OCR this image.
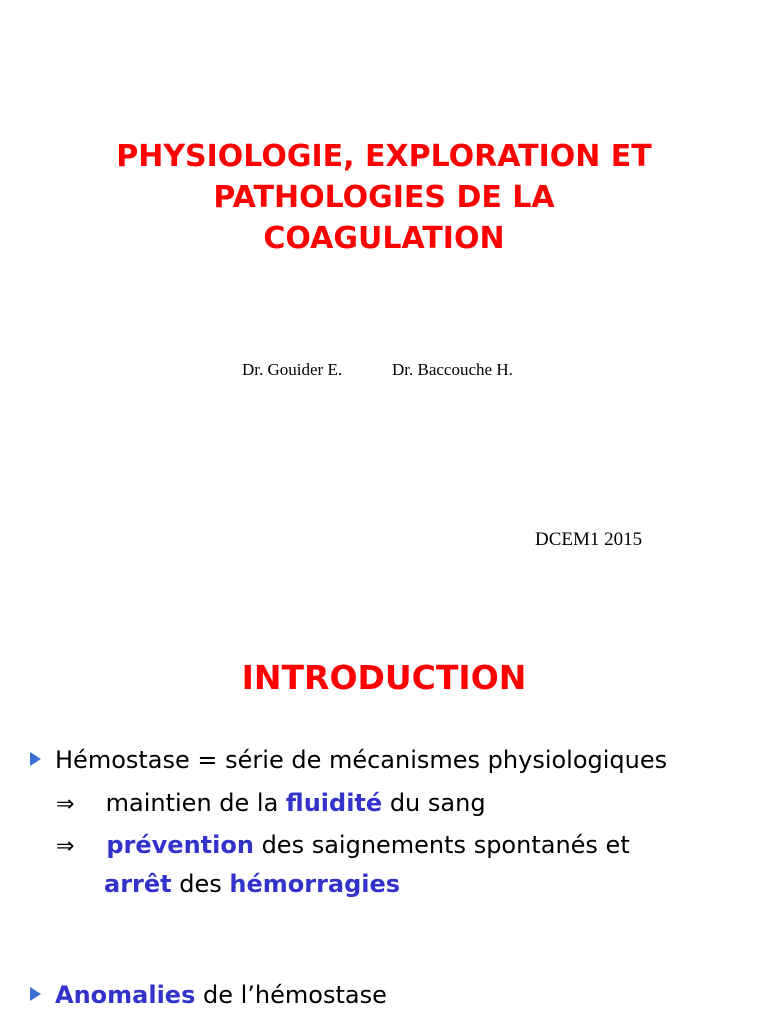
PHYSIOLOGIE, EXPLORATION ET
PATHOLOGIES DE LA
COAGULATION
Dr. Gouider E.	Dr. Baccouche H.
DCEM1 2015
INTRODUCTION
Hémostase = série de mécanismes physiologiques
⇒ maintien de la fluidité du sang
⇒ prévention des saignements spontanés et
arrêt des hémorragies
Anomalies de l’hémostase
